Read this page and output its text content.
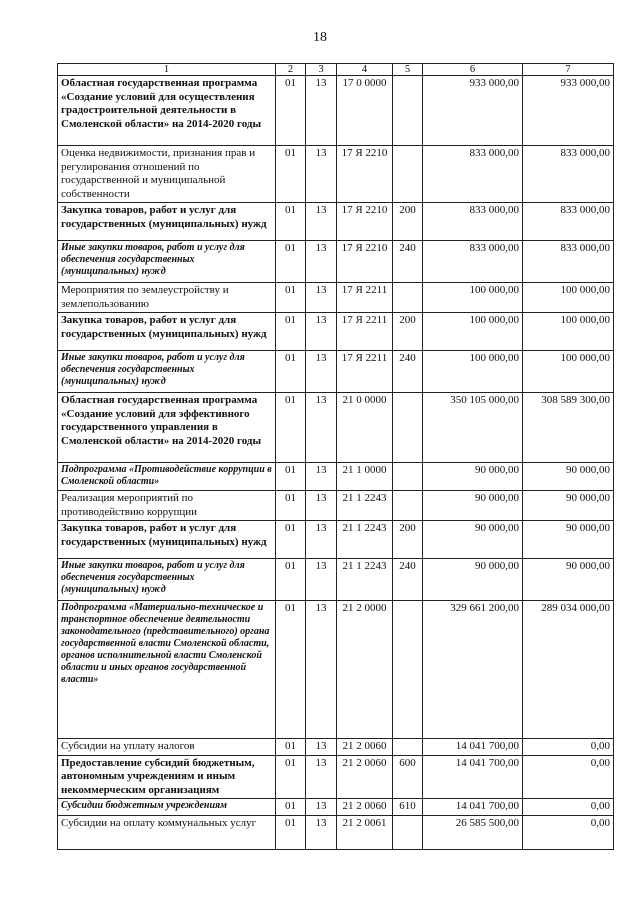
18
1	2	3	4	5	6	7
Областная государственная программа «Создание условий для осуществления градостроительной деятельности в Смоленской области» на 2014-2020 годы	01	13	17 0 0000		933 000,00	933 000,00
Оценка недвижимости, признания прав и регулирования отношений по государственной и муниципальной собственности	01	13	17 Я 2210		833 000,00	833 000,00
Закупка товаров, работ и услуг для государственных (муниципальных) нужд	01	13	17 Я 2210	200	833 000,00	833 000,00
Иные закупки товаров, работ и услуг для обеспечения государственных (муниципальных) нужд	01	13	17 Я 2210	240	833 000,00	833 000,00
Мероприятия по землеустройству и землепользованию	01	13	17 Я 2211		100 000,00	100 000,00
Закупка товаров, работ и услуг для государственных (муниципальных) нужд	01	13	17 Я 2211	200	100 000,00	100 000,00
Иные закупки товаров, работ и услуг для обеспечения государственных (муниципальных) нужд	01	13	17 Я 2211	240	100 000,00	100 000,00
Областная государственная программа «Создание условий для эффективного государственного управления в Смоленской области» на 2014-2020 годы	01	13	21 0 0000		350 105 000,00	308 589 300,00
Подпрограмма «Противодействие коррупции в Смоленской области»	01	13	21 1 0000		90 000,00	90 000,00
Реализация мероприятий по противодействию коррупции	01	13	21 1 2243		90 000,00	90 000,00
Закупка товаров, работ и услуг для государственных (муниципальных) нужд	01	13	21 1 2243	200	90 000,00	90 000,00
Иные закупки товаров, работ и услуг для обеспечения государственных (муниципальных) нужд	01	13	21 1 2243	240	90 000,00	90 000,00
Подпрограмма «Материально-техническое и транспортное обеспечение деятельности законодательного (представительного) органа государственной власти Смоленской области, органов исполнительной власти Смоленской области и иных органов государственной власти»	01	13	21 2 0000		329 661 200,00	289 034 000,00
Субсидии на уплату налогов	01	13	21 2 0060		14 041 700,00	0,00
Предоставление субсидий бюджетным, автономным учреждениям и иным некоммерческим организациям	01	13	21 2 0060	600	14 041 700,00	0,00
Субсидии бюджетным учреждениям	01	13	21 2 0060	610	14 041 700,00	0,00
Субсидии на оплату коммунальных услуг	01	13	21 2 0061		26 585 500,00	0,00
